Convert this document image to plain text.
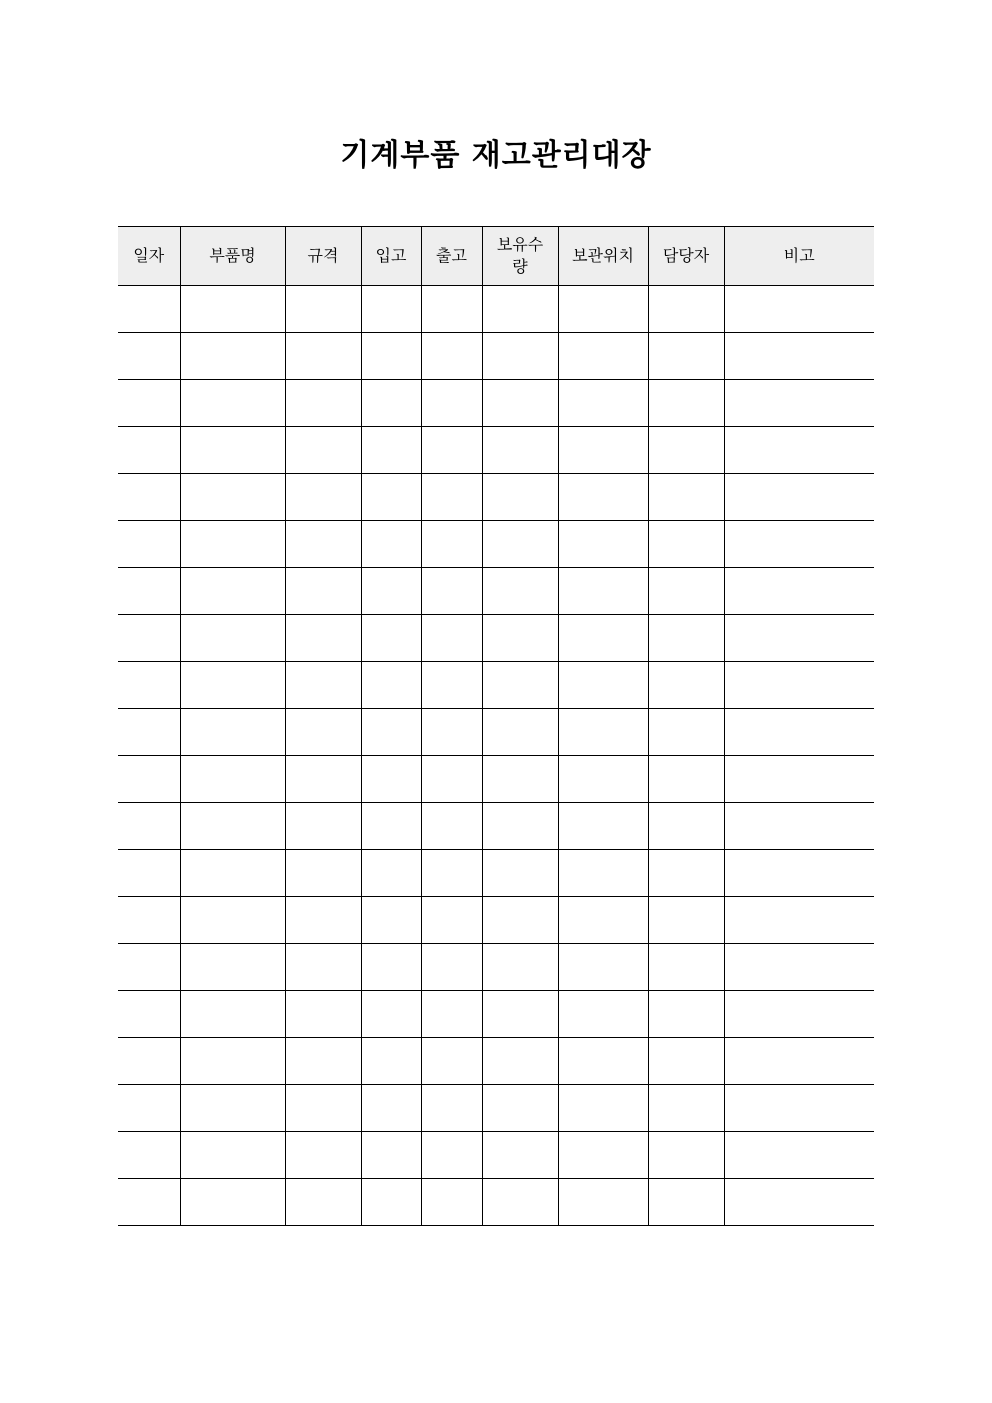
기계부품 재고관리대장
일자	부품명	규격	입고	출고	보유수량	보관위치	담당자	비고
